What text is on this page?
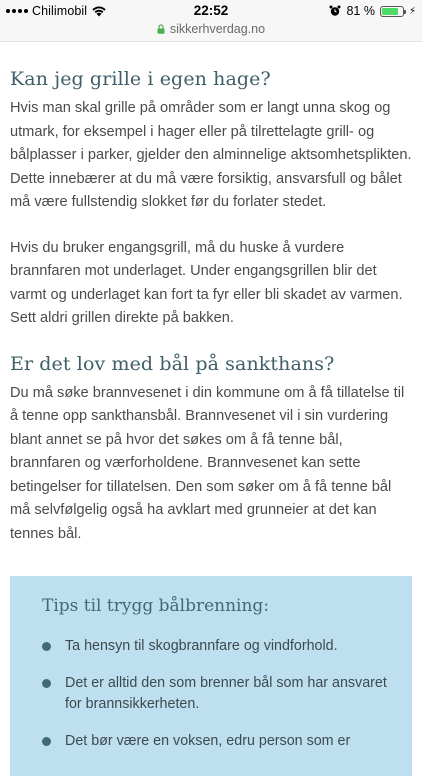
Chilimobil	22:52	81 %	⚡
sikkerhverdag.no
Kan jeg grille i egen hage?

Hvis man skal grille på områder som er langt unna skog og utmark, for eksempel i hager eller på tilrettelagte grill- og bålplasser i parker, gjelder den alminnelige aktsomhetsplikten. Dette innebærer at du må være forsiktig, ansvarsfull og bålet må være fullstendig slokket før du forlater stedet.

Hvis du bruker engangsgrill, må du huske å vurdere brannfaren mot underlaget. Under engangsgrillen blir det varmt og underlaget kan fort ta fyr eller bli skadet av varmen. Sett aldri grillen direkte på bakken.

Er det lov med bål på sankthans?

Du må søke brannvesenet i din kommune om å få tillatelse til å tenne opp sankthansbål. Brannvesenet vil i sin vurdering blant annet se på hvor det søkes om å få tenne bål, brannfaren og værforholdene. Brannvesenet kan sette betingelser for tillatelsen. Den som søker om å få tenne bål må selvfølgelig også ha avklart med grunneier at det kan tennes bål.

Tips til trygg bålbrenning:
Ta hensyn til skogbrannfare og vindforhold.
Det er alltid den som brenner bål som har ansvaret for brannsikkerheten.
Det bør være en voksen, edru person som er
